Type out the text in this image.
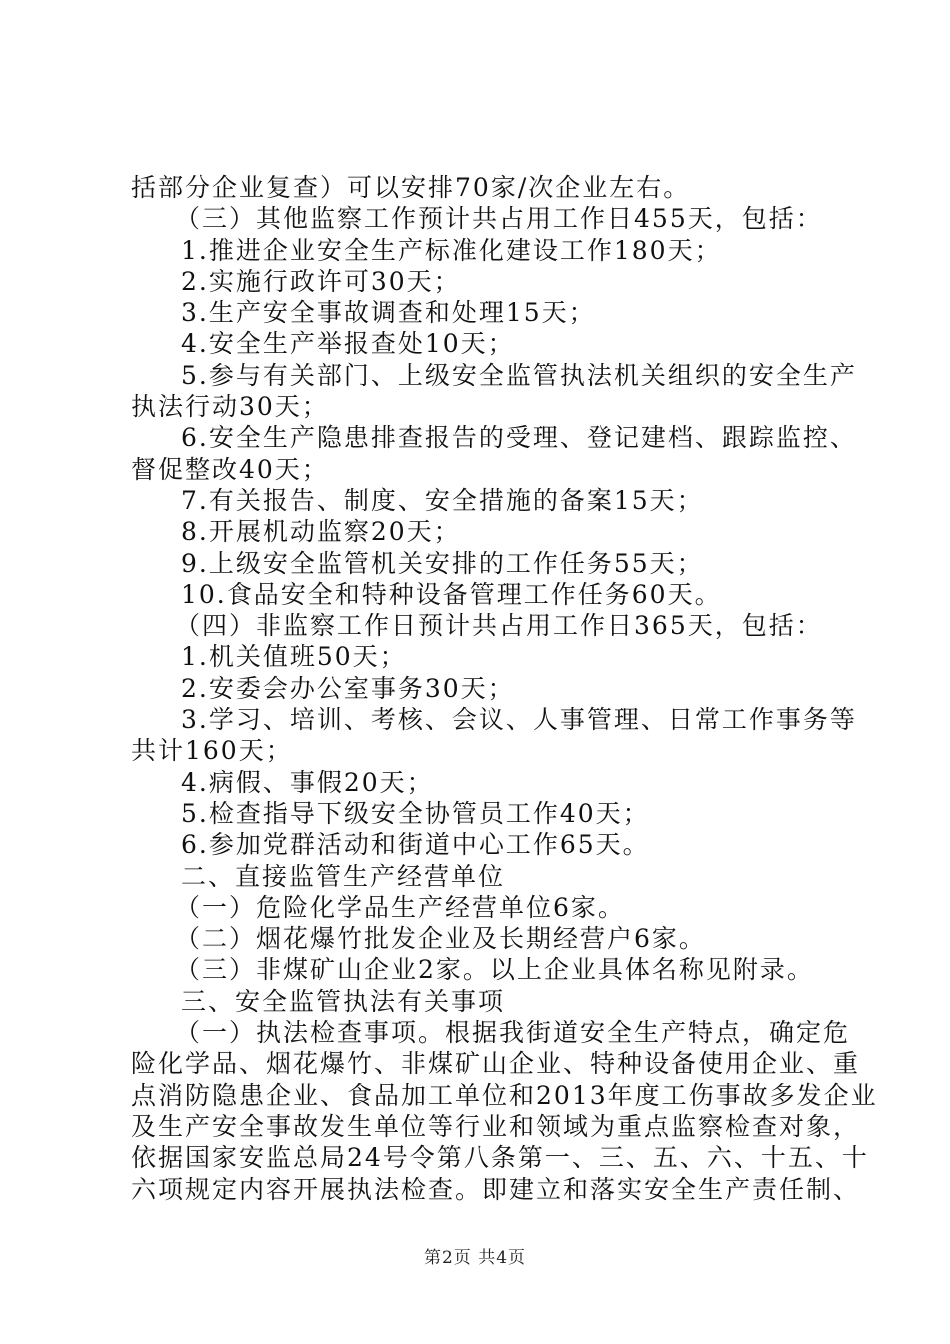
括部分企业复查）可以安排70家/次企业左右。
（三）其他监察工作预计共占用工作日455天，包括：
1.推进企业安全生产标准化建设工作180天；
2.实施行政许可30天；
3.生产安全事故调查和处理15天；
4.安全生产举报查处10天；
5.参与有关部门、上级安全监管执法机关组织的安全生产
执法行动30天；
6.安全生产隐患排查报告的受理、登记建档、跟踪监控、
督促整改40天；
7.有关报告、制度、安全措施的备案15天；
8.开展机动监察20天；
9.上级安全监管机关安排的工作任务55天；
10.食品安全和特种设备管理工作任务60天。
（四）非监察工作日预计共占用工作日365天，包括：
1.机关值班50天；
2.安委会办公室事务30天；
3.学习、培训、考核、会议、人事管理、日常工作事务等
共计160天；
4.病假、事假20天；
5.检查指导下级安全协管员工作40天；
6.参加党群活动和街道中心工作65天。
二、直接监管生产经营单位
（一）危险化学品生产经营单位6家。
（二）烟花爆竹批发企业及长期经营户6家。
（三）非煤矿山企业2家。以上企业具体名称见附录。
三、安全监管执法有关事项
（一）执法检查事项。根据我街道安全生产特点，确定危
险化学品、烟花爆竹、非煤矿山企业、特种设备使用企业、重
点消防隐患企业、食品加工单位和2013年度工伤事故多发企业
及生产安全事故发生单位等行业和领域为重点监察检查对象，
依据国家安监总局24号令第八条第一、三、五、六、十五、十
六项规定内容开展执法检查。即建立和落实安全生产责任制、
第2页 共4页
